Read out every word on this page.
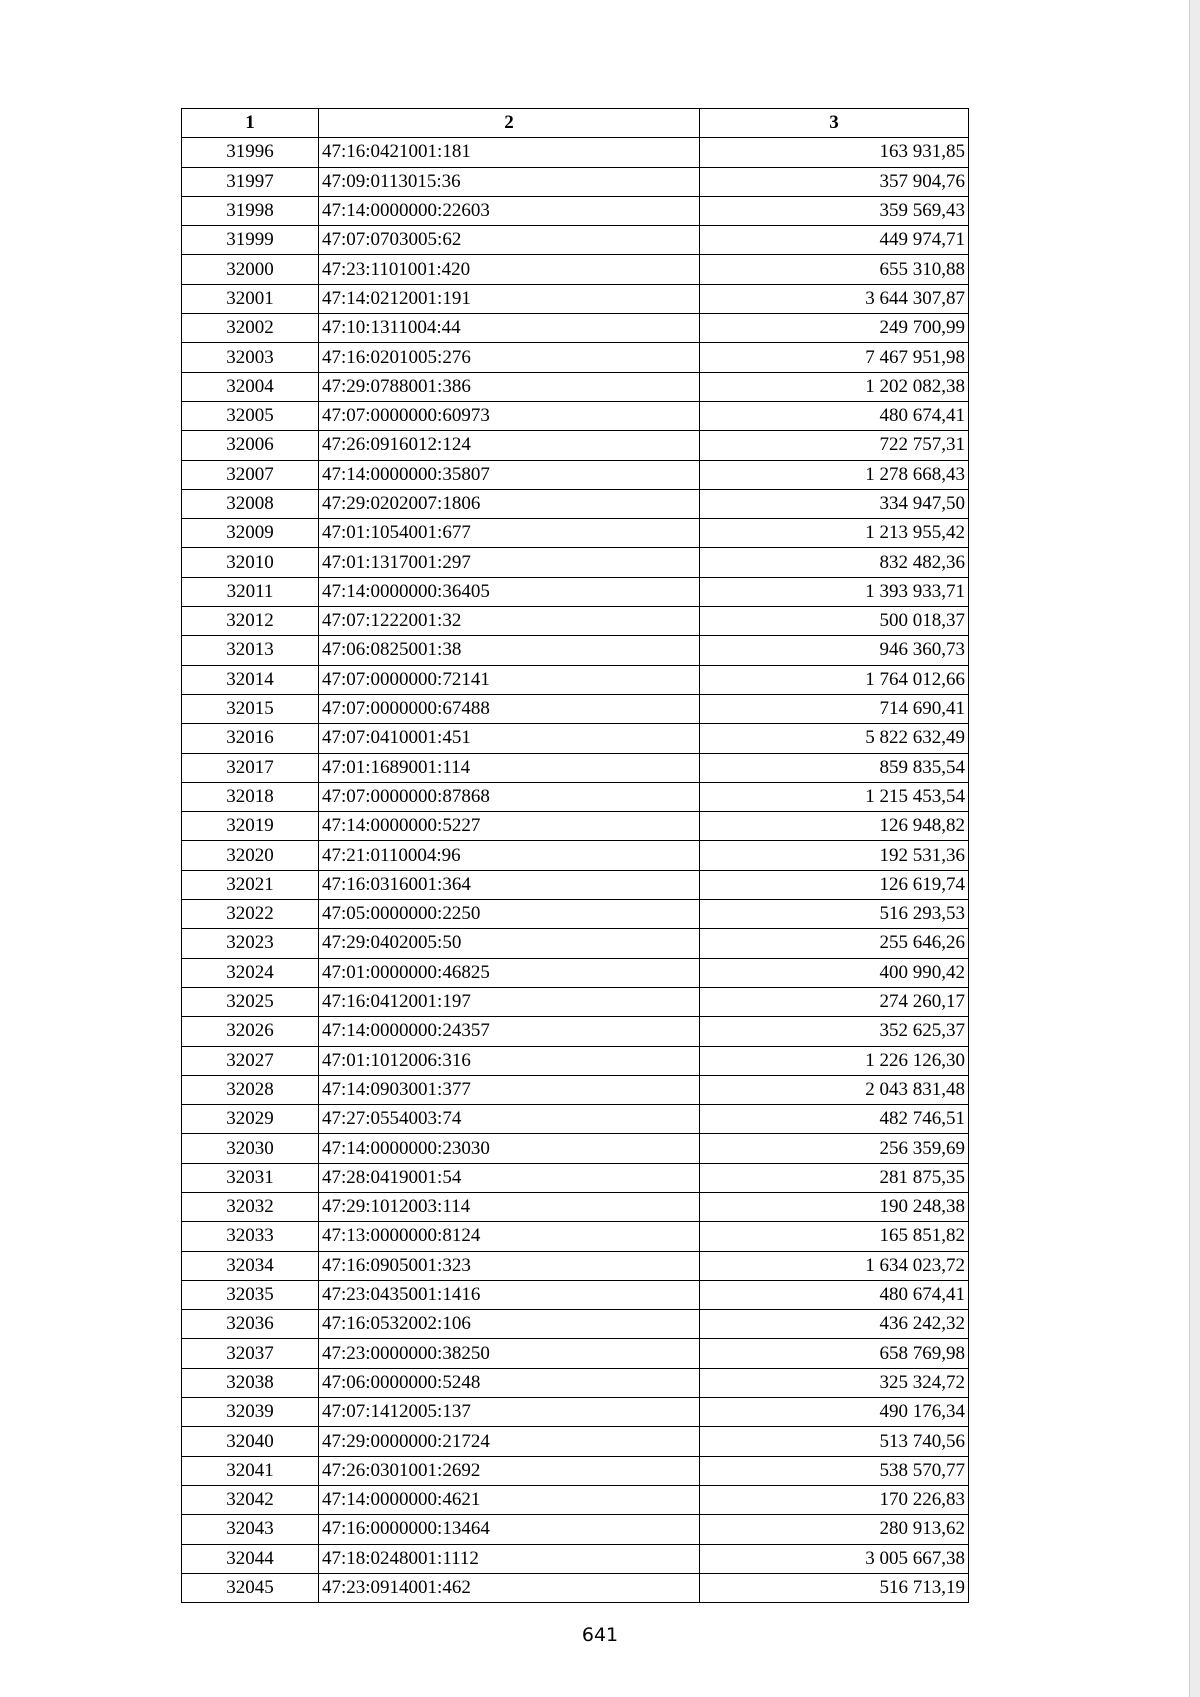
1	2	3
31996	47:16:0421001:181	163 931,85
31997	47:09:0113015:36	357 904,76
31998	47:14:0000000:22603	359 569,43
31999	47:07:0703005:62	449 974,71
32000	47:23:1101001:420	655 310,88
32001	47:14:0212001:191	3 644 307,87
32002	47:10:1311004:44	249 700,99
32003	47:16:0201005:276	7 467 951,98
32004	47:29:0788001:386	1 202 082,38
32005	47:07:0000000:60973	480 674,41
32006	47:26:0916012:124	722 757,31
32007	47:14:0000000:35807	1 278 668,43
32008	47:29:0202007:1806	334 947,50
32009	47:01:1054001:677	1 213 955,42
32010	47:01:1317001:297	832 482,36
32011	47:14:0000000:36405	1 393 933,71
32012	47:07:1222001:32	500 018,37
32013	47:06:0825001:38	946 360,73
32014	47:07:0000000:72141	1 764 012,66
32015	47:07:0000000:67488	714 690,41
32016	47:07:0410001:451	5 822 632,49
32017	47:01:1689001:114	859 835,54
32018	47:07:0000000:87868	1 215 453,54
32019	47:14:0000000:5227	126 948,82
32020	47:21:0110004:96	192 531,36
32021	47:16:0316001:364	126 619,74
32022	47:05:0000000:2250	516 293,53
32023	47:29:0402005:50	255 646,26
32024	47:01:0000000:46825	400 990,42
32025	47:16:0412001:197	274 260,17
32026	47:14:0000000:24357	352 625,37
32027	47:01:1012006:316	1 226 126,30
32028	47:14:0903001:377	2 043 831,48
32029	47:27:0554003:74	482 746,51
32030	47:14:0000000:23030	256 359,69
32031	47:28:0419001:54	281 875,35
32032	47:29:1012003:114	190 248,38
32033	47:13:0000000:8124	165 851,82
32034	47:16:0905001:323	1 634 023,72
32035	47:23:0435001:1416	480 674,41
32036	47:16:0532002:106	436 242,32
32037	47:23:0000000:38250	658 769,98
32038	47:06:0000000:5248	325 324,72
32039	47:07:1412005:137	490 176,34
32040	47:29:0000000:21724	513 740,56
32041	47:26:0301001:2692	538 570,77
32042	47:14:0000000:4621	170 226,83
32043	47:16:0000000:13464	280 913,62
32044	47:18:0248001:1112	3 005 667,38
32045	47:23:0914001:462	516 713,19
641
